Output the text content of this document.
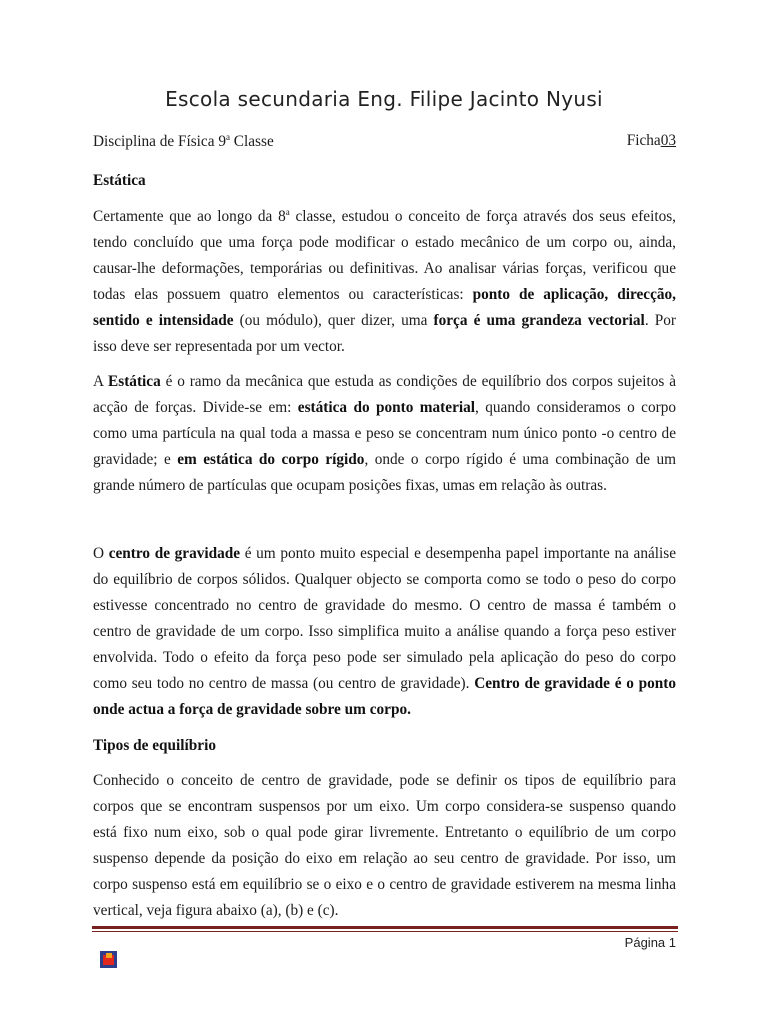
Escola secundaria Eng. Filipe Jacinto Nyusi
Disciplina de Física 9$^a$ Classe	Ficha03
Estática
Certamente que ao longo da 8$^a$ classe, estudou o conceito de força através dos seus efeitos,
tendo concluído que uma força pode modificar o estado mecânico de um corpo ou, ainda,
causar-lhe deformações, temporárias ou definitivas. Ao analisar várias forças, verificou que
todas elas possuem quatro elementos ou características: ponto de aplicação, direcção,
sentido e intensidade (ou módulo), quer dizer, uma força é uma grandeza vectorial. Por
isso deve ser representada por um vector.
A Estática é o ramo da mecânica que estuda as condições de equilíbrio dos corpos sujeitos à
acção de forças. Divide-se em: estática do ponto material, quando consideramos o corpo
como uma partícula na qual toda a massa e peso se concentram num único ponto -o centro de
gravidade; e em estática do corpo rígido, onde o corpo rígido é uma combinação de um
grande número de partículas que ocupam posições fixas, umas em relação às outras.
O centro de gravidade é um ponto muito especial e desempenha papel importante na análise
do equilíbrio de corpos sólidos. Qualquer objecto se comporta como se todo o peso do corpo
estivesse concentrado no centro de gravidade do mesmo. O centro de massa é também o
centro de gravidade de um corpo. Isso simplifica muito a análise quando a força peso estiver
envolvida. Todo o efeito da força peso pode ser simulado pela aplicação do peso do corpo
como seu todo no centro de massa (ou centro de gravidade). Centro de gravidade é o ponto
onde actua a força de gravidade sobre um corpo.
Tipos de equilíbrio
Conhecido o conceito de centro de gravidade, pode se definir os tipos de equilíbrio para
corpos que se encontram suspensos por um eixo. Um corpo considera-se suspenso quando
está fixo num eixo, sob o qual pode girar livremente. Entretanto o equilíbrio de um corpo
suspenso depende da posição do eixo em relação ao seu centro de gravidade. Por isso, um
corpo suspenso está em equilíbrio se o eixo e o centro de gravidade estiverem na mesma linha
vertical, veja figura abaixo (a), (b) e (c).
Página 1
